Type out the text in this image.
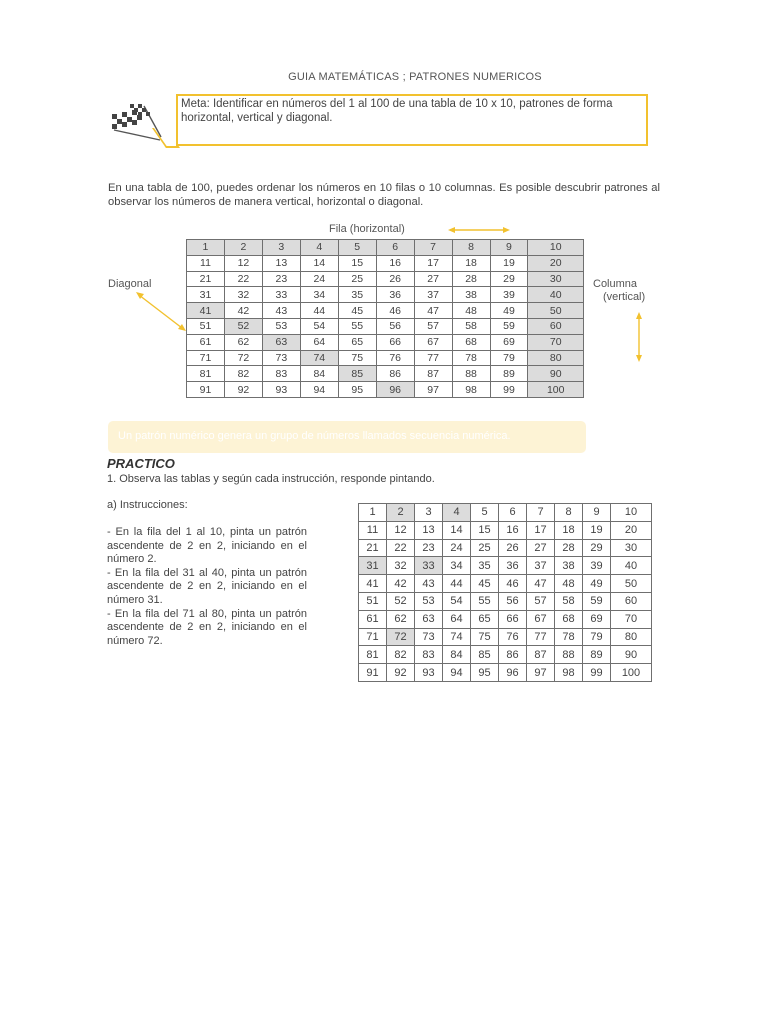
GUIA MATEMÁTICAS ; PATRONES NUMERICOS
Meta: Identificar en números del 1 al 100 de una tabla de 10 x 10, patrones de forma
horizontal, vertical y diagonal.
En una tabla de 100, puedes ordenar los números en 10 filas o 10 columnas. Es posible descubrir patrones al observar los números de manera vertical, horizontal o diagonal.
Fila (horizontal)
Diagonal	Columna
(vertical)
1	2	3	4	5	6	7	8	9	10
11	12	13	14	15	16	17	18	19	20
21	22	23	24	25	26	27	28	29	30
31	32	33	34	35	36	37	38	39	40
41	42	43	44	45	46	47	48	49	50
51	52	53	54	55	56	57	58	59	60
61	62	63	64	65	66	67	68	69	70
71	72	73	74	75	76	77	78	79	80
81	82	83	84	85	86	87	88	89	90
91	92	93	94	95	96	97	98	99	100
Un patrón numérico genera un grupo de números llamados secuencia numérica.
PRACTICO
1. Observa las tablas y según cada instrucción, responde pintando.
a) Instrucciones:
- En la fila del 1 al 10, pinta un patrón ascendente de 2 en 2, iniciando en el número 2.
- En la fila del 31 al 40, pinta un patrón ascendente de 2 en 2, iniciando en el número 31.
- En la fila del 71 al 80, pinta un patrón ascendente de 2 en 2, iniciando en el número 72.
1	2	3	4	5	6	7	8	9	10
11	12	13	14	15	16	17	18	19	20
21	22	23	24	25	26	27	28	29	30
31	32	33	34	35	36	37	38	39	40
41	42	43	44	45	46	47	48	49	50
51	52	53	54	55	56	57	58	59	60
61	62	63	64	65	66	67	68	69	70
71	72	73	74	75	76	77	78	79	80
81	82	83	84	85	86	87	88	89	90
91	92	93	94	95	96	97	98	99	100
